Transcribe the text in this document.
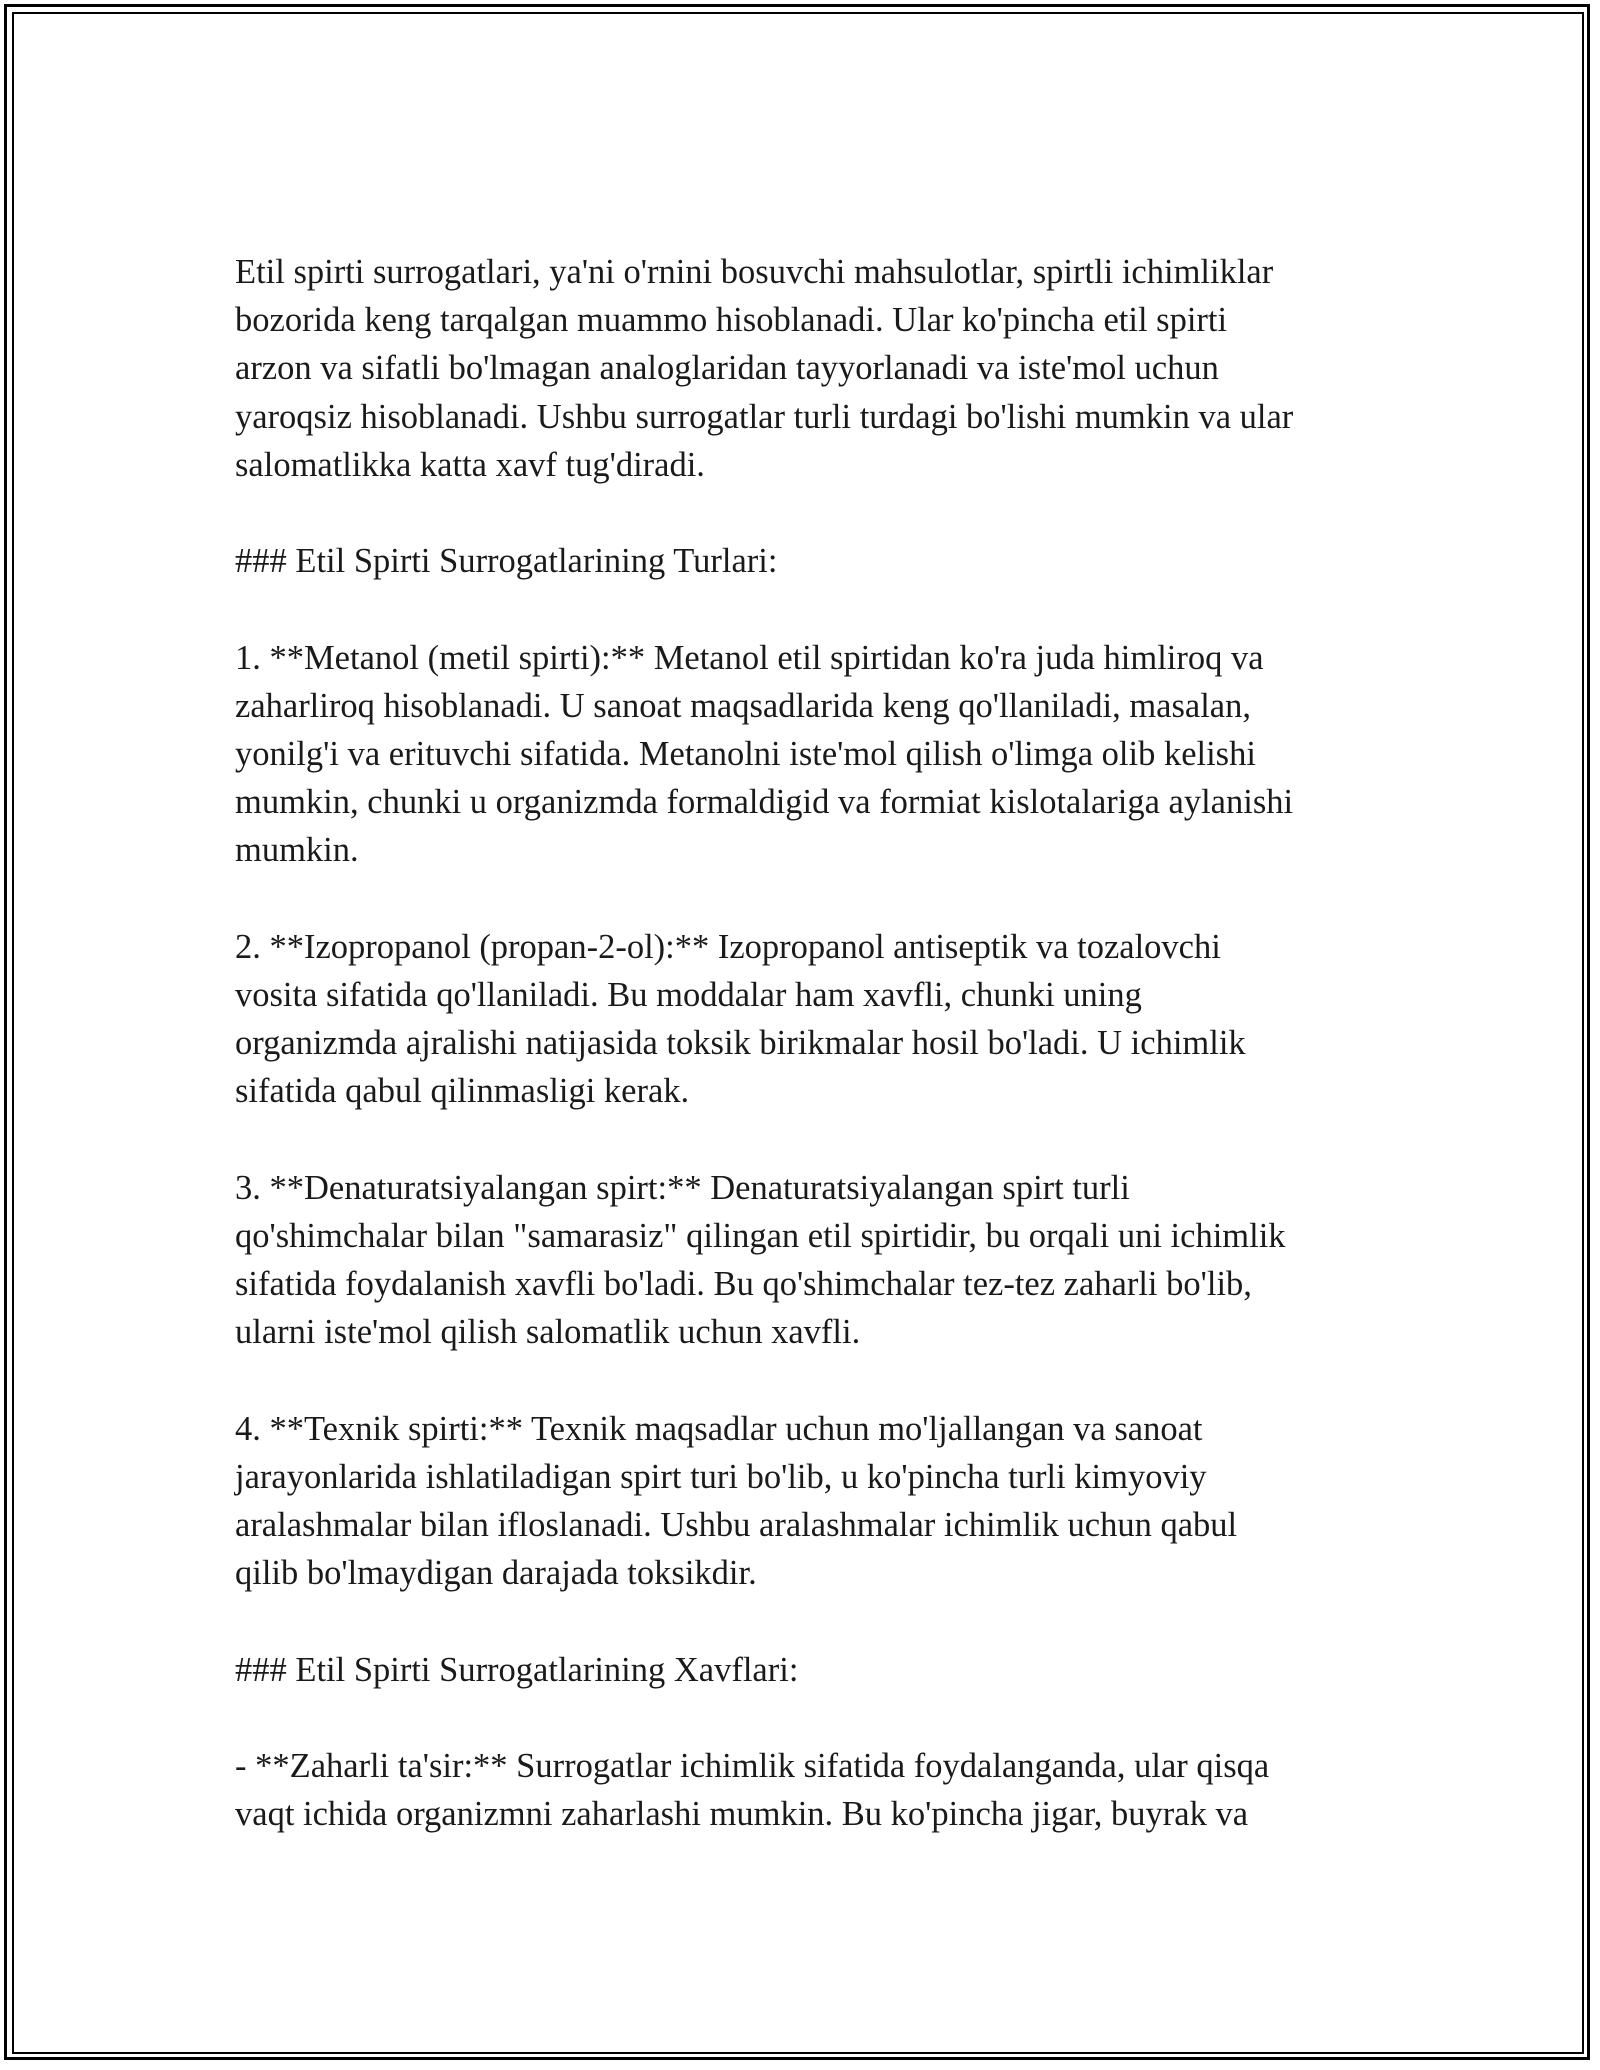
Etil spirti surrogatlari, ya'ni o'rnini bosuvchi mahsulotlar, spirtli ichimliklar
bozorida keng tarqalgan muammo hisoblanadi. Ular ko'pincha etil spirti
arzon va sifatli bo'lmagan analoglaridan tayyorlanadi va iste'mol uchun
yaroqsiz hisoblanadi. Ushbu surrogatlar turli turdagi bo'lishi mumkin va ular
salomatlikka katta xavf tug'diradi.

### Etil Spirti Surrogatlarining Turlari:

1. **Metanol (metil spirti):** Metanol etil spirtidan ko'ra juda himliroq va
zaharliroq hisoblanadi. U sanoat maqsadlarida keng qo'llaniladi, masalan,
yonilg'i va erituvchi sifatida. Metanolni iste'mol qilish o'limga olib kelishi
mumkin, chunki u organizmda formaldigid va formiat kislotalariga aylanishi
mumkin.

2. **Izopropanol (propan-2-ol):** Izopropanol antiseptik va tozalovchi
vosita sifatida qo'llaniladi. Bu moddalar ham xavfli, chunki uning
organizmda ajralishi natijasida toksik birikmalar hosil bo'ladi. U ichimlik
sifatida qabul qilinmasligi kerak.

3. **Denaturatsiyalangan spirt:** Denaturatsiyalangan spirt turli
qo'shimchalar bilan "samarasiz" qilingan etil spirtidir, bu orqali uni ichimlik
sifatida foydalanish xavfli bo'ladi. Bu qo'shimchalar tez-tez zaharli bo'lib,
ularni iste'mol qilish salomatlik uchun xavfli.

4. **Texnik spirti:** Texnik maqsadlar uchun mo'ljallangan va sanoat
jarayonlarida ishlatiladigan spirt turi bo'lib, u ko'pincha turli kimyoviy
aralashmalar bilan ifloslanadi. Ushbu aralashmalar ichimlik uchun qabul
qilib bo'lmaydigan darajada toksikdir.

### Etil Spirti Surrogatlarining Xavflari:

- **Zaharli ta'sir:** Surrogatlar ichimlik sifatida foydalanganda, ular qisqa
vaqt ichida organizmni zaharlashi mumkin. Bu ko'pincha jigar, buyrak va
